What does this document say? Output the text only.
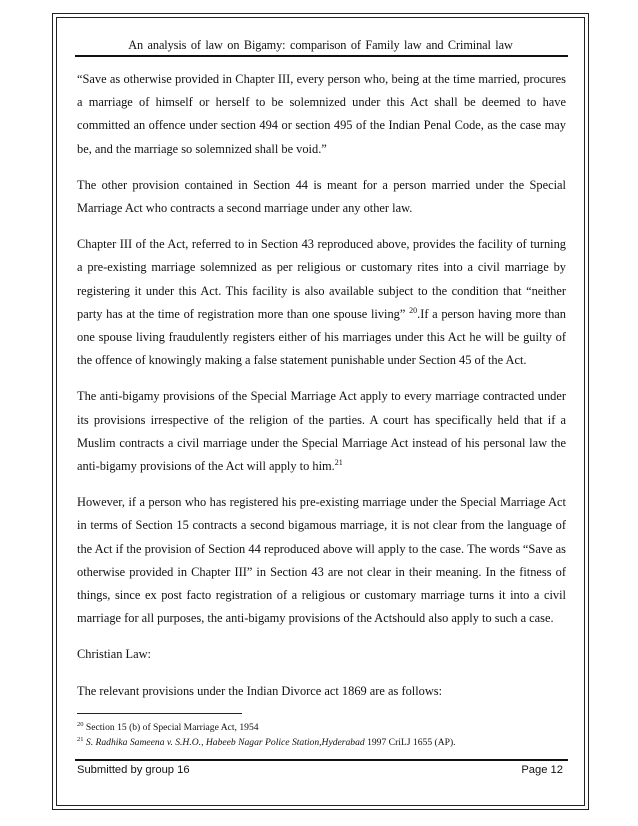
An analysis of law on Bigamy: comparison of Family law and Criminal law

“Save as otherwise provided in Chapter III, every person who, being at the time married, procures a marriage of himself or herself to be solemnized under this Act shall be deemed to have committed an offence under section 494 or section 495 of the Indian Penal Code, as the case may be, and the marriage so solemnized shall be void.”

The other provision contained in Section 44 is meant for a person married under the Special Marriage Act who contracts a second marriage under any other law.

Chapter III of the Act, referred to in Section 43 reproduced above, provides the facility of turning a pre-existing marriage solemnized as per religious or customary rites into a civil marriage by registering it under this Act. This facility is also available subject to the condition that “neither party has at the time of registration more than one spouse living” $^{20}$.If a person having more than one spouse living fraudulently registers either of his marriages under this Act he will be guilty of the offence of knowingly making a false statement punishable under Section 45 of the Act.

The anti-bigamy provisions of the Special Marriage Act apply to every marriage contracted under its provisions irrespective of the religion of the parties. A court has specifically held that if a Muslim contracts a civil marriage under the Special Marriage Act instead of his personal law the anti-bigamy provisions of the Act will apply to him.$^{21}$

However, if a person who has registered his pre-existing marriage under the Special Marriage Act in terms of Section 15 contracts a second bigamous marriage, it is not clear from the language of the Act if the provision of Section 44 reproduced above will apply to the case. The words “Save as otherwise provided in Chapter III” in Section 43 are not clear in their meaning. In the fitness of things, since ex post facto registration of a religious or customary marriage turns it into a civil marriage for all purposes, the anti-bigamy provisions of the Actshould also apply to such a case.

Christian Law:

The relevant provisions under the Indian Divorce act 1869 are as follows:

$^{20}$ Section 15 (b) of Special Marriage Act, 1954
$^{21}$ S. Radhika Sameena v. S.H.O., Habeeb Nagar Police Station,Hyderabad 1997 CriLJ 1655 (AP).
Submitted by group 16	Page 12
